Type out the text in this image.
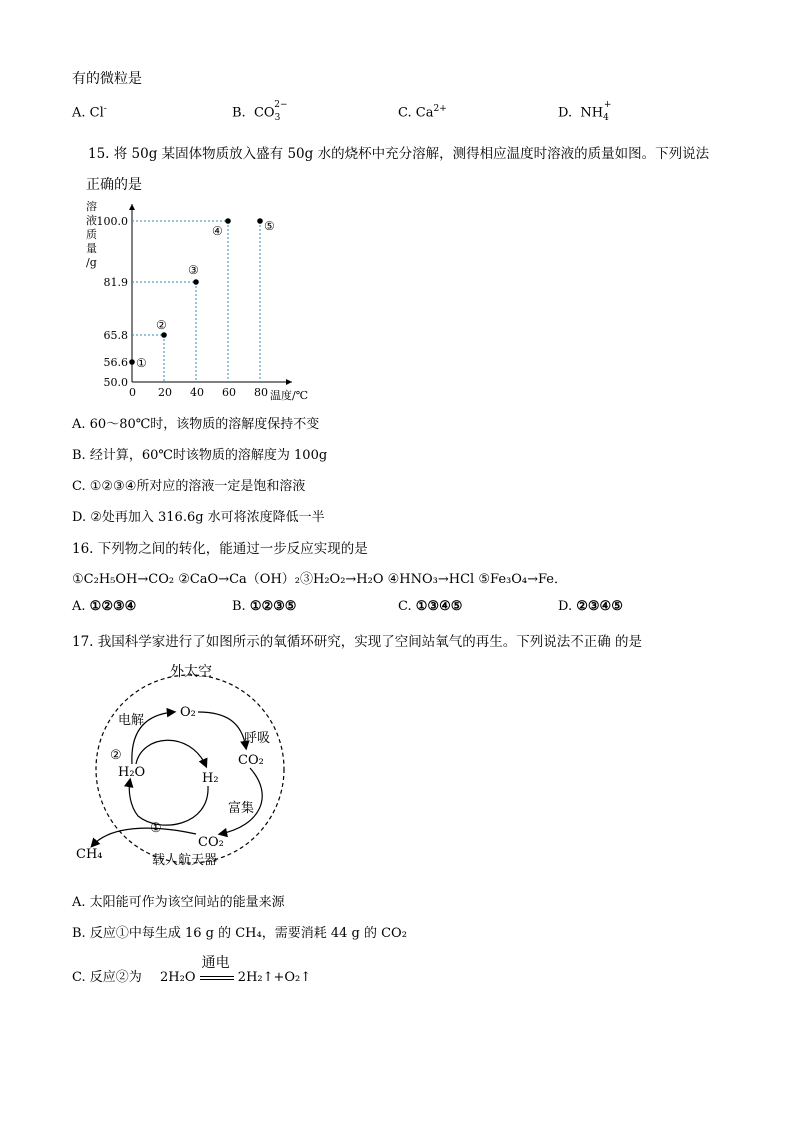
有的微粒是
A. Cl-	B. $CO_3^{2-}$
C. $Ca^{2+}$	D. $NH_4^+$
15. 将 50g 某固体物质放入盛有 50g 水的烧杯中充分溶解，测得相应温度时溶液的质量如图。下列说法
正确的是
溶
液
质
量
/g
温度/℃
0 20 40 60 80
50.0
56.6
65.8
81.9
100.0
①
②
③
④	⑤
A. 60～80℃时，该物质的溶解度保持不变
B. 经计算，60℃时该物质的溶解度为 100g
C. ①②③④所对应的溶液一定是饱和溶液
D. ②处再加入 316.6g 水可将浓度降低一半
16. 下列物之间的转化，能通过一步反应实现的是
①C₂H₅OH→CO₂ ②CaO→Ca（OH）₂③H₂O₂→H₂O ④HNO₃→HCl ⑤Fe₃O₄→Fe．
A. ①②③④	B. ①②③⑤	C. ①③④⑤	D. ②③④⑤
17. 我国科学家进行了如图所示的氧循环研究，实现了空间站氧气的再生。下列说法不正确 的是
外太空
O₂
电解
呼吸
CO₂
②
H₂O	H₂
富集
①
CO₂
CH₄	载人航天器
A. 太阳能可作为该空间站的能量来源
B. 反应①中每生成 16 g 的 CH₄，需要消耗 44 g 的 CO₂
C. 反应②为 2H₂O
通电
2H₂↑+O₂↑
